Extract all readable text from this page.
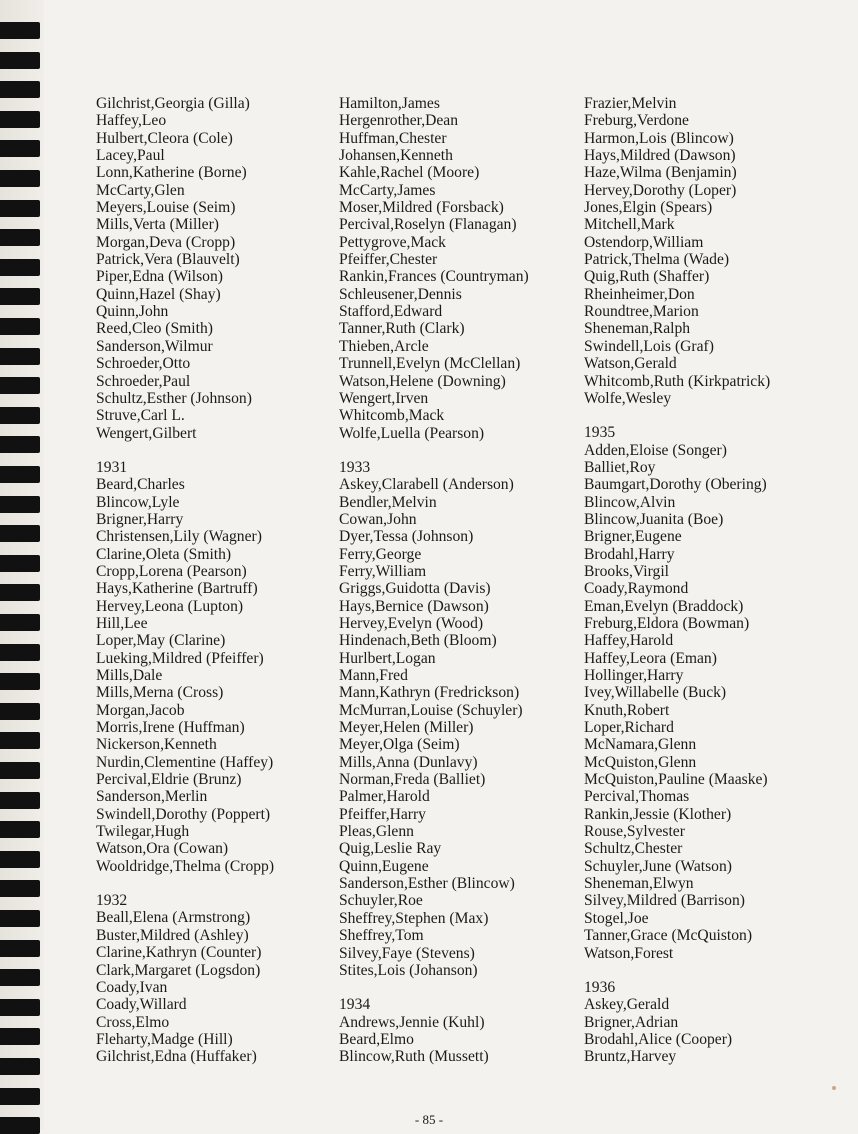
Gilchrist,Georgia (Gilla)
Haffey,Leo
Hulbert,Cleora (Cole)
Lacey,Paul
Lonn,Katherine (Borne)
McCarty,Glen
Meyers,Louise (Seim)
Mills,Verta (Miller)
Morgan,Deva (Cropp)
Patrick,Vera (Blauvelt)
Piper,Edna (Wilson)
Quinn,Hazel (Shay)
Quinn,John
Reed,Cleo (Smith)
Sanderson,Wilmur
Schroeder,Otto
Schroeder,Paul
Schultz,Esther (Johnson)
Struve,Carl L.
Wengert,Gilbert
1931
Beard,Charles
Blincow,Lyle
Brigner,Harry
Christensen,Lily (Wagner)
Clarine,Oleta (Smith)
Cropp,Lorena (Pearson)
Hays,Katherine (Bartruff)
Hervey,Leona (Lupton)
Hill,Lee
Loper,May (Clarine)
Lueking,Mildred (Pfeiffer)
Mills,Dale
Mills,Merna (Cross)
Morgan,Jacob
Morris,Irene (Huffman)
Nickerson,Kenneth
Nurdin,Clementine (Haffey)
Percival,Eldrie (Brunz)
Sanderson,Merlin
Swindell,Dorothy (Poppert)
Twilegar,Hugh
Watson,Ora (Cowan)
Wooldridge,Thelma (Cropp)
1932
Beall,Elena (Armstrong)
Buster,Mildred (Ashley)
Clarine,Kathryn (Counter)
Clark,Margaret (Logsdon)
Coady,Ivan
Coady,Willard
Cross,Elmo
Fleharty,Madge (Hill)
Gilchrist,Edna (Huffaker)
Hamilton,James
Hergenrother,Dean
Huffman,Chester
Johansen,Kenneth
Kahle,Rachel (Moore)
McCarty,James
Moser,Mildred (Forsback)
Percival,Roselyn (Flanagan)
Pettygrove,Mack
Pfeiffer,Chester
Rankin,Frances (Countryman)
Schleusener,Dennis
Stafford,Edward
Tanner,Ruth (Clark)
Thieben,Arcle
Trunnell,Evelyn (McClellan)
Watson,Helene (Downing)
Wengert,Irven
Whitcomb,Mack
Wolfe,Luella (Pearson)
1933
Askey,Clarabell (Anderson)
Bendler,Melvin
Cowan,John
Dyer,Tessa (Johnson)
Ferry,George
Ferry,William
Griggs,Guidotta (Davis)
Hays,Bernice (Dawson)
Hervey,Evelyn (Wood)
Hindenach,Beth (Bloom)
Hurlbert,Logan
Mann,Fred
Mann,Kathryn (Fredrickson)
McMurran,Louise (Schuyler)
Meyer,Helen (Miller)
Meyer,Olga (Seim)
Mills,Anna (Dunlavy)
Norman,Freda (Balliet)
Palmer,Harold
Pfeiffer,Harry
Pleas,Glenn
Quig,Leslie Ray
Quinn,Eugene
Sanderson,Esther (Blincow)
Schuyler,Roe
Sheffrey,Stephen (Max)
Sheffrey,Tom
Silvey,Faye (Stevens)
Stites,Lois (Johanson)
1934
Andrews,Jennie (Kuhl)
Beard,Elmo
Blincow,Ruth (Mussett)
Frazier,Melvin
Freburg,Verdone
Harmon,Lois (Blincow)
Hays,Mildred (Dawson)
Haze,Wilma (Benjamin)
Hervey,Dorothy (Loper)
Jones,Elgin (Spears)
Mitchell,Mark
Ostendorp,William
Patrick,Thelma (Wade)
Quig,Ruth (Shaffer)
Rheinheimer,Don
Roundtree,Marion
Sheneman,Ralph
Swindell,Lois (Graf)
Watson,Gerald
Whitcomb,Ruth (Kirkpatrick)
Wolfe,Wesley
1935
Adden,Eloise (Songer)
Balliet,Roy
Baumgart,Dorothy (Obering)
Blincow,Alvin
Blincow,Juanita (Boe)
Brigner,Eugene
Brodahl,Harry
Brooks,Virgil
Coady,Raymond
Eman,Evelyn (Braddock)
Freburg,Eldora (Bowman)
Haffey,Harold
Haffey,Leora (Eman)
Hollinger,Harry
Ivey,Willabelle (Buck)
Knuth,Robert
Loper,Richard
McNamara,Glenn
McQuiston,Glenn
McQuiston,Pauline (Maaske)
Percival,Thomas
Rankin,Jessie (Klother)
Rouse,Sylvester
Schultz,Chester
Schuyler,June (Watson)
Sheneman,Elwyn
Silvey,Mildred (Barrison)
Stogel,Joe
Tanner,Grace (McQuiston)
Watson,Forest
1936
Askey,Gerald
Brigner,Adrian
Brodahl,Alice (Cooper)
Bruntz,Harvey
- 85 -
